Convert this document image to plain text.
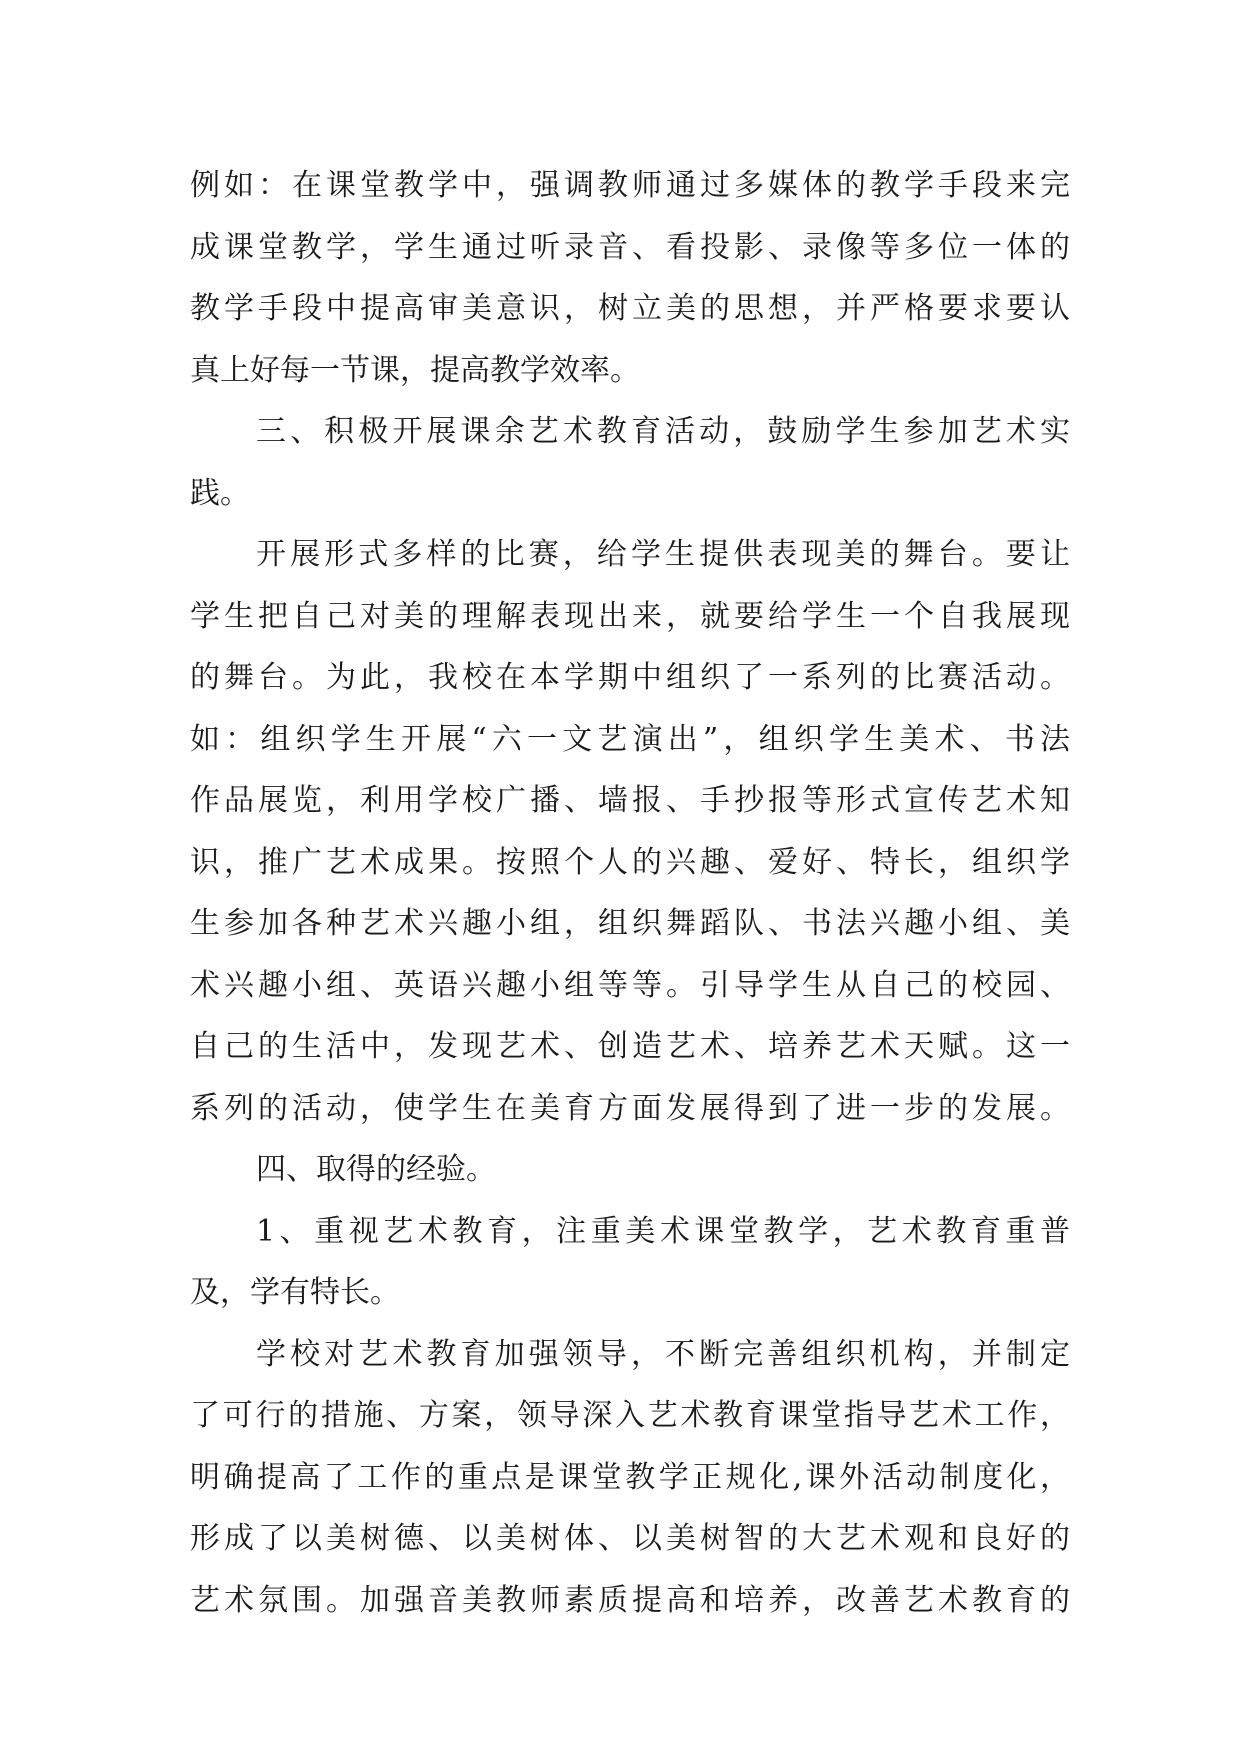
例如：在课堂教学中，强调教师通过多媒体的教学手段来完
成课堂教学，学生通过听录音、看投影、录像等多位一体的
教学手段中提高审美意识，树立美的思想，并严格要求要认
真上好每一节课，提高教学效率。
三、积极开展课余艺术教育活动，鼓励学生参加艺术实
践。
开展形式多样的比赛，给学生提供表现美的舞台。要让
学生把自己对美的理解表现出来，就要给学生一个自我展现
的舞台。为此，我校在本学期中组织了一系列的比赛活动。
如：组织学生开展“六一文艺演出”，组织学生美术、书法
作品展览，利用学校广播、墙报、手抄报等形式宣传艺术知
识，推广艺术成果。按照个人的兴趣、爱好、特长，组织学
生参加各种艺术兴趣小组，组织舞蹈队、书法兴趣小组、美
术兴趣小组、英语兴趣小组等等。引导学生从自己的校园、
自己的生活中，发现艺术、创造艺术、培养艺术天赋。这一
系列的活动，使学生在美育方面发展得到了进一步的发展。
四、取得的经验。
1、重视艺术教育，注重美术课堂教学，艺术教育重普
及，学有特长。
学校对艺术教育加强领导，不断完善组织机构，并制定
了可行的措施、方案，领导深入艺术教育课堂指导艺术工作，
明确提高了工作的重点是课堂教学正规化,课外活动制度化，
形成了以美树德、以美树体、以美树智的大艺术观和良好的
艺术氛围。加强音美教师素质提高和培养，改善艺术教育的
